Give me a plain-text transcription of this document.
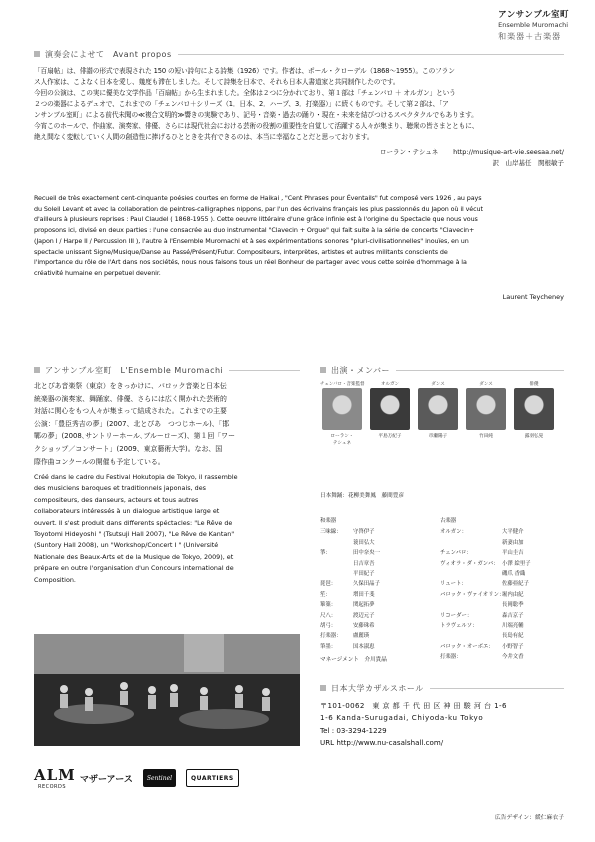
アンサンブル室町
Ensemble Muromachi
和楽器＋古楽器
演奏会によせて　Avant propos
「百扇帖」は、俳諧の形式で表現された 150 の短い詩句による詩集（1926）です。作者は、ポール・クローデル（1868～1955）。このフラン
ス人作家は、こよなく日本を愛し、幾度も滞在しました。そして詩集を日本で、それも日本人書道家と共同制作したのです。
今回の公演は、この実に優美な文学作品「百扇帖」から生まれました。全体は２つに分かれており、第１部は「チェンバロ ＋ オルガン」という
２つの楽器によるデュオで、これまでの「チェンバロ＋シリーズ（1．日本、2．ハープ、3．打楽器）」に続くものです。そして第２部は、「ア
ンサンブル室町」による前代未聞の≪複合文明的≫響きの実験であり、記号・音楽・過去の踊り・現在・未来を結びつけるスペクタクルでもあります。
今宵このホールで、作曲家、演奏家、俳優、さらには現代社会における芸術の役割の重要性を自覚して活躍する人々が集まり、聴衆の皆さまとともに、
絶え間なく変転していく人間の創造性に捧げるひとときを共有できるのは、本当に幸福なことだと思っております。
ローラン・テシュネ http://musique-art-vie.seesaa.net/
訳　山岸基任　関根敏子
Recueil de très exactement cent-cinquante poésies courtes en forme de Haikai , "Cent Phrases pour Éventails" fut composé vers 1926 , au pays
du Soleil Levant et avec la collaboration de peintres-calligraphes nippons, par l'un des écrivains français les plus passionnés du Japon où il vécut
d'ailleurs à plusieurs reprises : Paul Claudel ( 1868-1955 ). Cette oeuvre littéraire d'une grâce infinie est à l'origine du Spectacle que nous vous
proposons ici, divisé en deux parties : l'une consacrée au duo instrumental "Clavecin + Orgue" qui fait suite à la série de concerts "Clavecin+
(Japon I / Harpe II / Percussion III ), l'autre à l'Ensemble Muromachi et à ses expérimentations sonores "pluri-civilisationnelles" inouïes, en un
spectacle unissant Signe/Musique/Danse au Passé/Présent/Futur. Compositeurs, interprètes, artistes et autres militants conscients de
l'importance du rôle de l'Art dans nos sociétés, nous nous faisons tous un réel Bonheur de partager avec vous cette soirée d'hommage à la
créativité humaine en perpetuel devenir.
Laurent Teycheney
アンサンブル室町　L'Ensemble Muromachi
北とぴあ音楽祭（東京）をきっかけに、バロック音楽と日本伝
統楽器の演奏家、舞踊家、俳優、さらには広く開かれた芸術的
対話に関心をもつ人々が集まって結成された。これまでの主要
公演：「豊臣秀吉の夢」(2007、北とぴあ　つつじホール)、「邯
鄲の夢」(2008､サントリーホール､ブルーローズ)、第１回「ワー
クショップ／コンサート」(2009、東京藝術大学)。なお、国
際作曲コンクールの開催も予定している。
Créé dans le cadre du Festival Hokutopia de Tokyo, il rassemble
des musiciens baroques et traditionnels japonais, des
compositeurs, des danseurs, acteurs et tous autres
collaborateurs intéressés à un dialogue artistique large et
ouvert. Il s'est produit dans differents spéctacles: "Le Rêve de
Toyotomi Hideyoshi " (Tsutsuji Hall 2007), "Le Rêve de Kantan"
(Suntory Hall 2008), un "Workshop/Concert I " (Université
Nationale des Beaux-Arts et de la Musique de Tokyo, 2009), et
prépare en outre l'organisation d'un Concours international de
Composition.
ALM
RECORDS
マザーアース	Sentinel	QUARTIERS
出演・メンバー
チェンバロ・音楽監督
ローラン・
テシュネ
オルガン
平島万紀子
ダンス
市瀬陽子
ダンス
竹田純
俳優
露羽弘晃
日本舞踊：花柳美舞鳳　藤間豊彦
和楽器
三味線：	守啓伊子
蓑田弘大
箏：	田中奈央一
日吉章吾
平田紀子
琵琶：	久保田晶子
笙：	増田千斐
篳篥：	関起拓夢
尺八：	渡辺元子
胡弓：	安藤珠希
打楽器：	盧麗瑛
筆墨：	国本淑恵
古楽器
オルガン：	大平健介
新妻由加
チェンバロ：	平山圭吉
ヴィオラ・ダ・ガンバ： 小澤 絵里子
磯爪 香織
リュート：	佐藤亜紀子
バロック・ヴァイオリン：
堀内由紀
長岡聡季
リコーダー：	森吉京子
トラヴェルソ：	川端亮輔
長島有紀
バロック・オーボエ：	小野智子
打楽器：	今井文香
マネージメント　介川貴晶
日本大学カザルスホール
〒101-0062　東 京 都 千 代 田 区 神 田 駿 河 台 1-6
1-6 Kanda-Surugadai, Chiyoda-ku Tokyo
Tel : 03-3294-1229
URL http://www.nu-casalshall.com/
広告デザイン：緩仁麻衣子
